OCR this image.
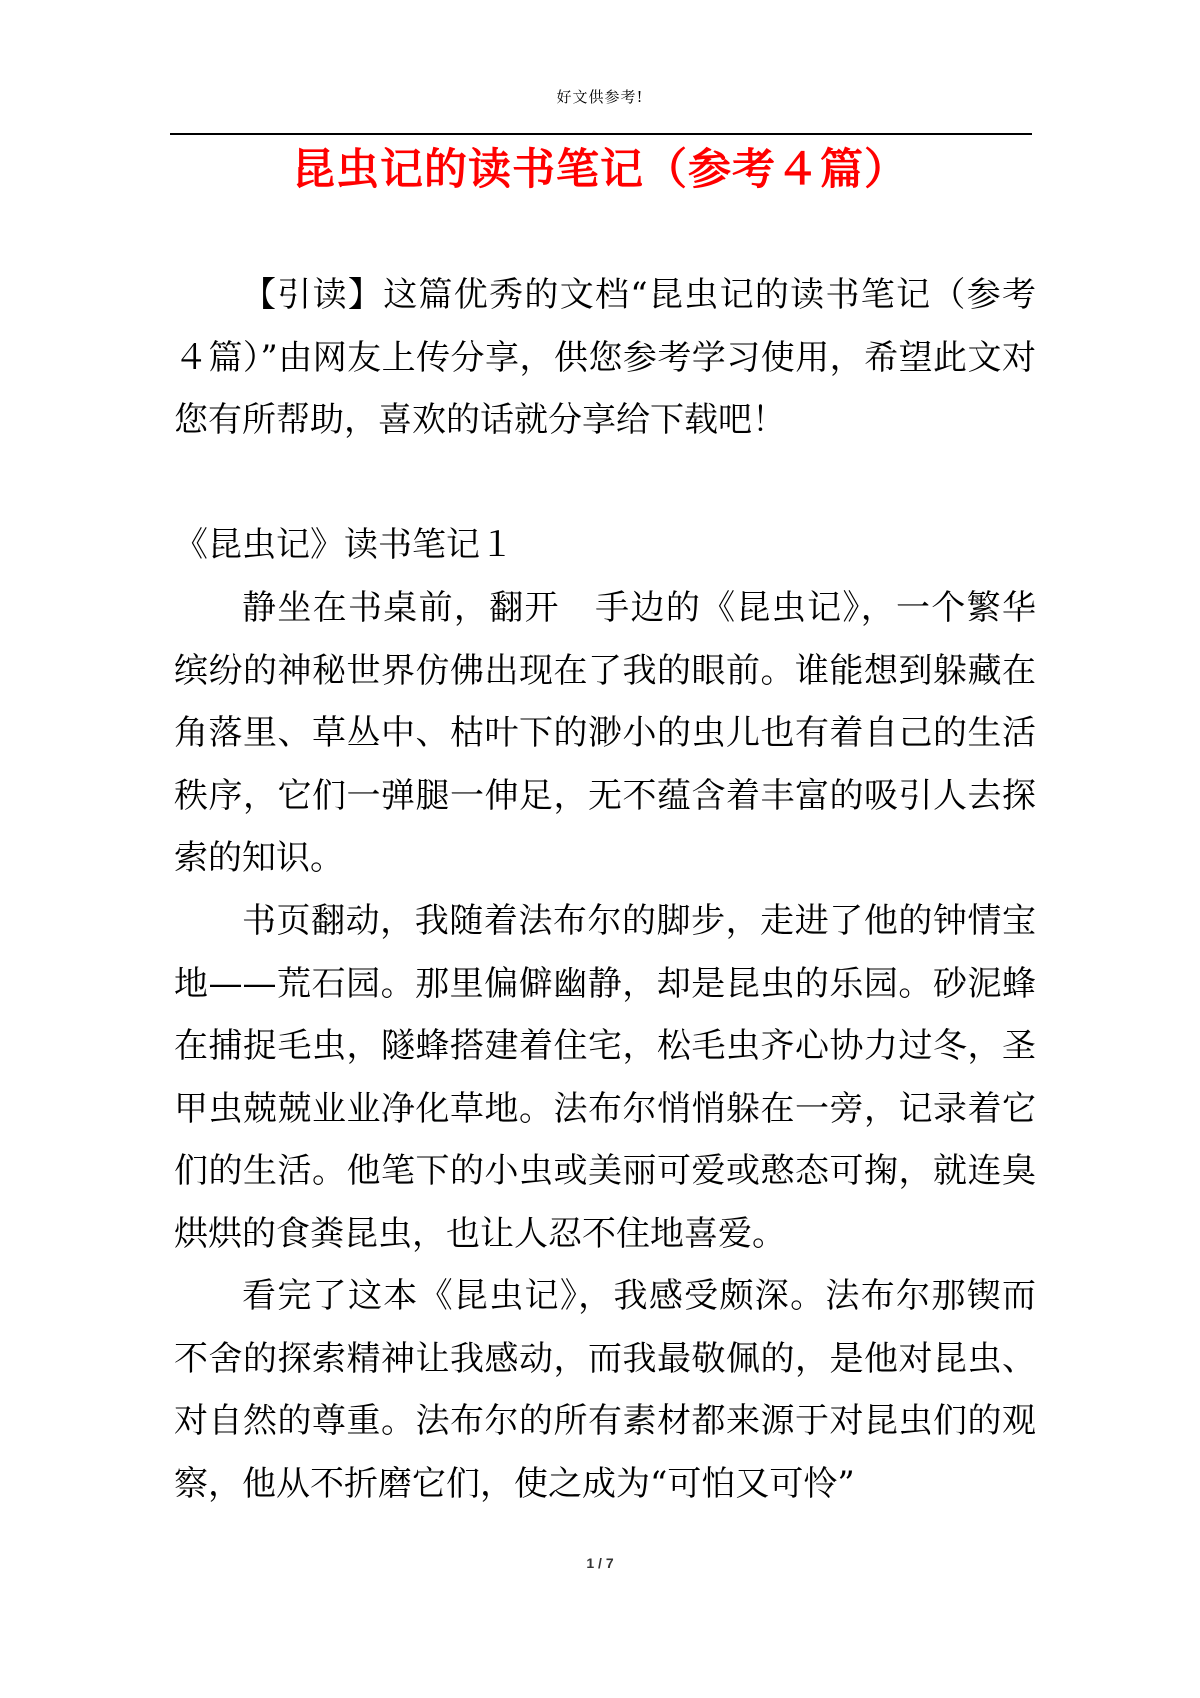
好文供参考!
昆虫记的读书笔记（参考４篇）

【引读】这篇优秀的文档“昆虫记的读书笔记（参考４篇）”由网友上传分享，供您参考学习使用，希望此文对您有所帮助，喜欢的话就分享给下载吧！

《昆虫记》读书笔记１

静坐在书桌前，翻开　手边的《昆虫记》，一个繁华缤纷的神秘世界仿佛出现在了我的眼前。谁能想到躲藏在角落里、草丛中、枯叶下的渺小的虫儿也有着自己的生活秩序，它们一弹腿一伸足，无不蕴含着丰富的吸引人去探索的知识。

书页翻动，我随着法布尔的脚步，走进了他的钟情宝地——荒石园。那里偏僻幽静，却是昆虫的乐园。砂泥蜂在捕捉毛虫，隧蜂搭建着住宅，松毛虫齐心协力过冬，圣甲虫兢兢业业净化草地。法布尔悄悄躲在一旁，记录着它们的生活。他笔下的小虫或美丽可爱或憨态可掬，就连臭烘烘的食粪昆虫，也让人忍不住地喜爱。

看完了这本《昆虫记》，我感受颇深。法布尔那锲而不舍的探索精神让我感动，而我最敬佩的，是他对昆虫、对自然的尊重。法布尔的所有素材都来源于对昆虫们的观察，他从不折磨它们，使之成为“可怕又可怜”

1 / 7
